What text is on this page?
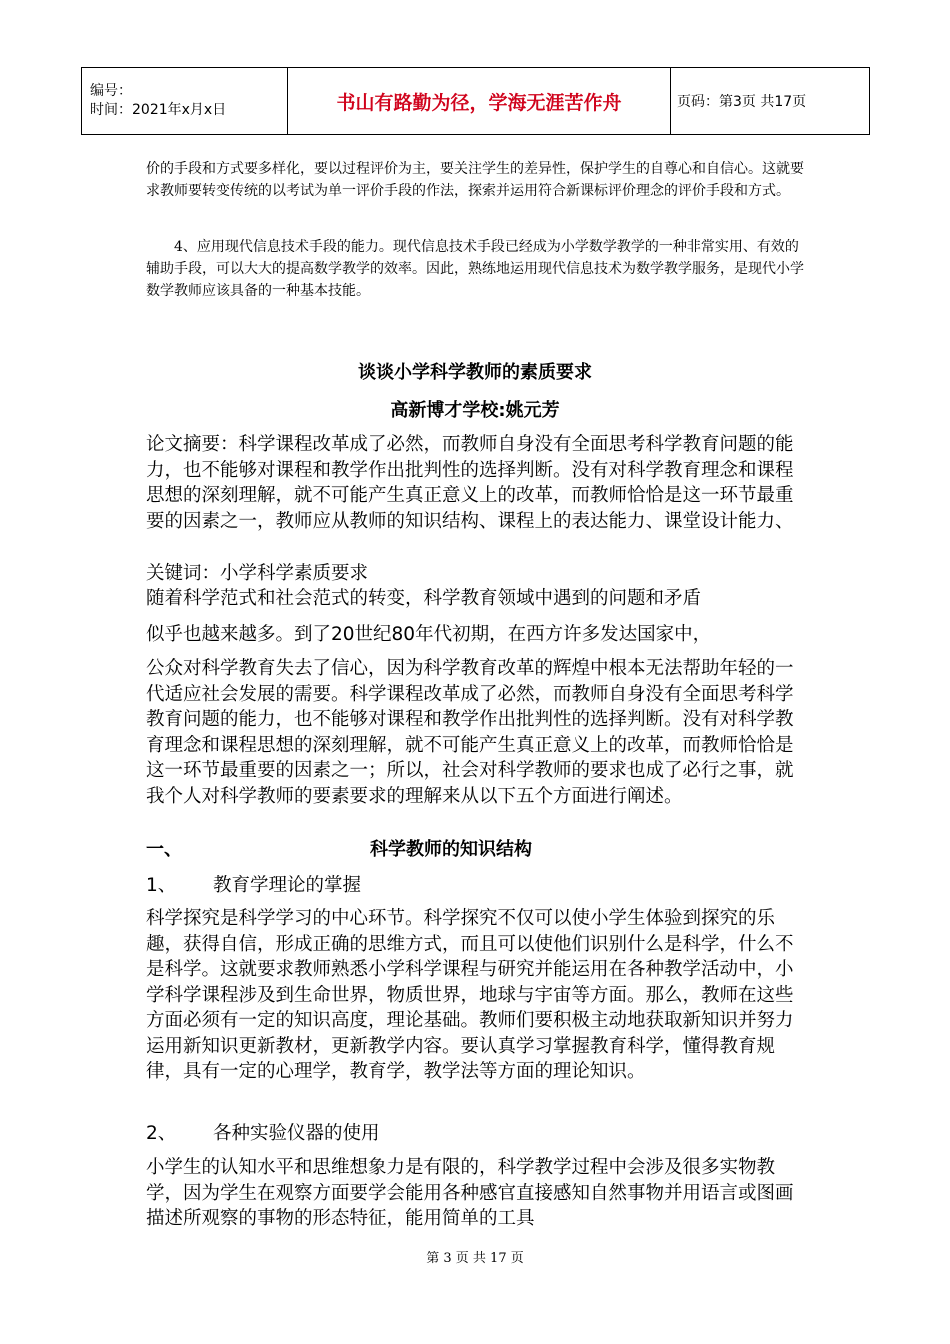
编号：
时间：2021年x月x日	书山有路勤为径，学海无涯苦作舟	页码：第3页 共17页
价的手段和方式要多样化，要以过程评价为主，要关注学生的差异性，保护学生的自尊心和自信心。这就要求教师要转变传统的以考试为单一评价手段的作法，探索并运用符合新课标评价理念的评价手段和方式。
4、应用现代信息技术手段的能力。现代信息技术手段已经成为小学数学教学的一种非常实用、有效的辅助手段，可以大大的提高数学教学的效率。因此，熟练地运用现代信息技术为数学教学服务，是现代小学数学教师应该具备的一种基本技能。
谈谈小学科学教师的素质要求
高新博才学校:姚元芳
论文摘要：科学课程改革成了必然，而教师自身没有全面思考科学教育问题的能力，也不能够对课程和教学作出批判性的选择判断。没有对科学教育理念和课程思想的深刻理解，就不可能产生真正意义上的改革，而教师恰恰是这一环节最重要的因素之一，教师应从教师的知识结构、课程上的表达能力、课堂设计能力、
关键词：小学科学素质要求
随着科学范式和社会范式的转变，科学教育领域中遇到的问题和矛盾
似乎也越来越多。到了20世纪80年代初期，在西方许多发达国家中，
公众对科学教育失去了信心，因为科学教育改革的辉煌中根本无法帮助年轻的一代适应社会发展的需要。科学课程改革成了必然，而教师自身没有全面思考科学教育问题的能力，也不能够对课程和教学作出批判性的选择判断。没有对科学教育理念和课程思想的深刻理解，就不可能产生真正意义上的改革，而教师恰恰是这一环节最重要的因素之一；所以，社会对科学教师的要求也成了必行之事，就我个人对科学教师的要素要求的理解来从以下五个方面进行阐述。
一、	科学教师的知识结构
1、 教育学理论的掌握
科学探究是科学学习的中心环节。科学探究不仅可以使小学生体验到探究的乐趣，获得自信，形成正确的思维方式，而且可以使他们识别什么是科学，什么不是科学。这就要求教师熟悉小学科学课程与研究并能运用在各种教学活动中，小学科学课程涉及到生命世界，物质世界，地球与宇宙等方面。那么，教师在这些方面必须有一定的知识高度，理论基础。教师们要积极主动地获取新知识并努力运用新知识更新教材，更新教学内容。要认真学习掌握教育科学，懂得教育规律，具有一定的心理学，教育学，教学法等方面的理论知识。
2、 各种实验仪器的使用
小学生的认知水平和思维想象力是有限的，科学教学过程中会涉及很多实物教学，因为学生在观察方面要学会能用各种感官直接感知自然事物并用语言或图画描述所观察的事物的形态特征，能用简单的工具
第 3 页 共 17 页
